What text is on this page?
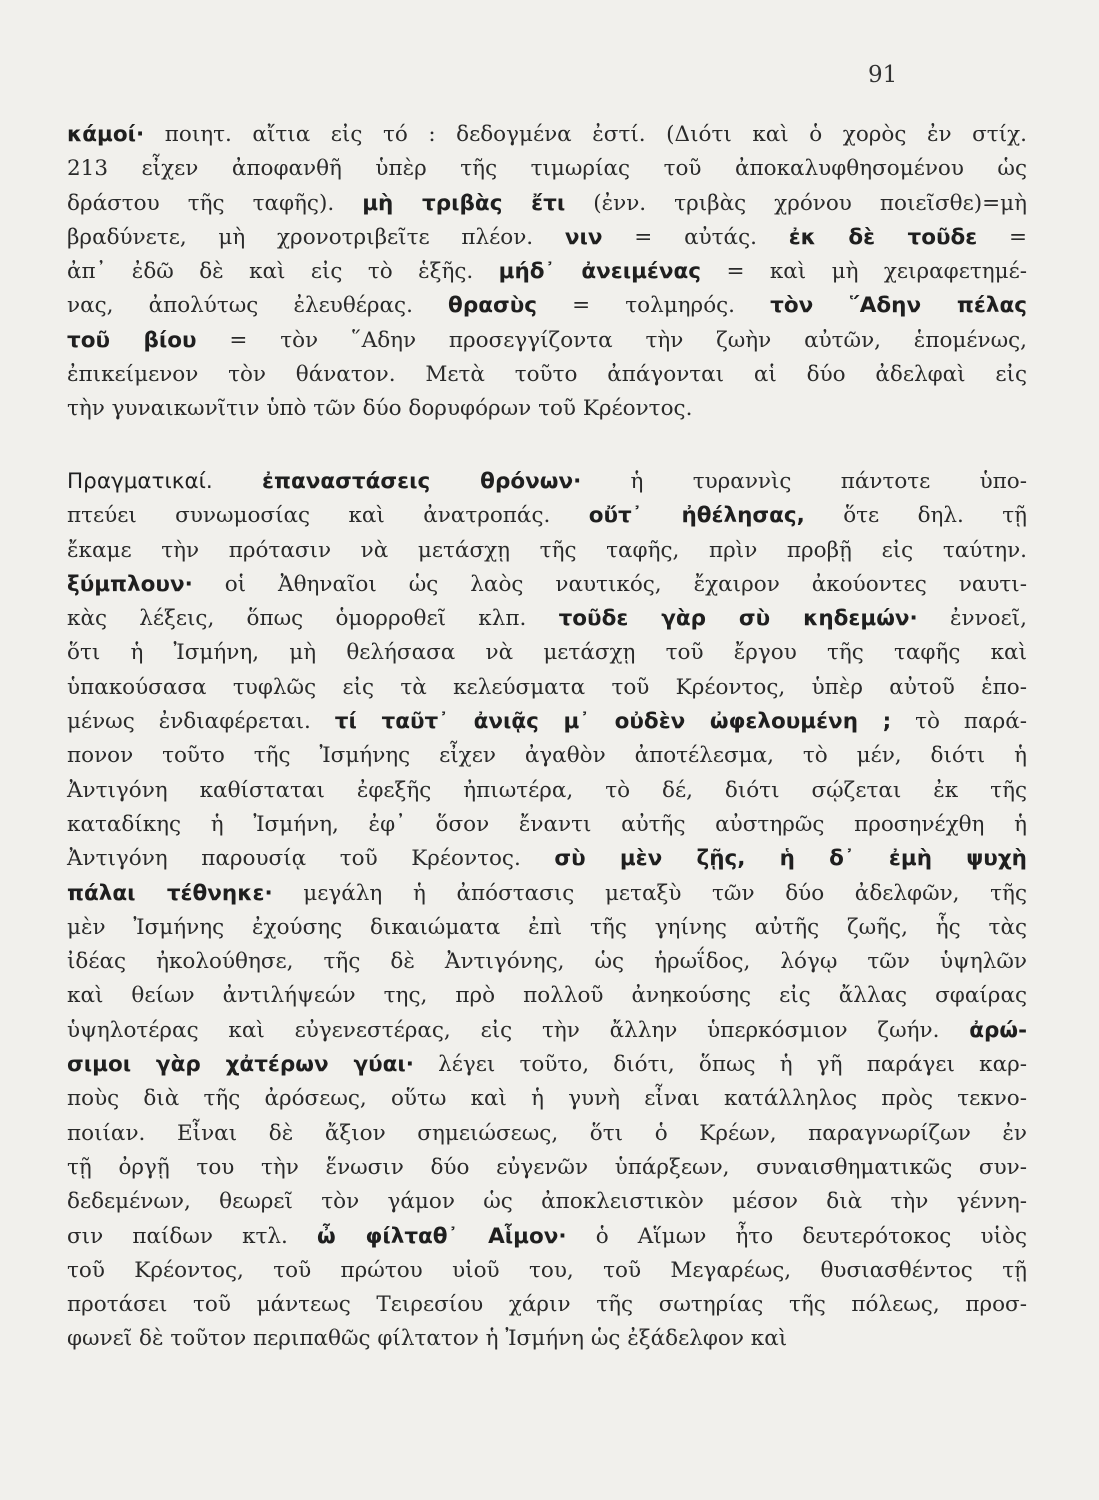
91
κάμοί· ποιητ. αἴτια εἰς τό : δεδογμένα ἐστί. (Διότι καὶ ὁ χορὸς ἐν στίχ.
213 εἶχεν ἀποφανθῆ ὑπὲρ τῆς τιμωρίας τοῦ ἀποκαλυφθησομένου ὡς
δράστου τῆς ταφῆς). μὴ τριβὰς ἔτι (ἐνν. τριβὰς χρόνου ποιεῖσθε)=μὴ
βραδύνετε, μὴ χρονοτριβεῖτε πλέον. νιν = αὐτάς. ἐκ δὲ τοῦδε =
ἀπ᾽ ἐδῶ δὲ καὶ εἰς τὸ ἑξῆς. μήδ᾽ ἀνειμένας = καὶ μὴ χειραφετημέ-
νας, ἀπολύτως ἐλευθέρας. θρασὺς = τολμηρός. τὸν ῞Αδην πέλας
τοῦ βίου = τὸν ῞Αδην προσεγγίζοντα τὴν ζωὴν αὐτῶν, ἑπομένως,
ἐπικείμενον τὸν θάνατον. Μετὰ τοῦτο ἀπάγονται αἱ δύο ἀδελφαὶ εἰς
τὴν γυναικωνῖτιν ὑπὸ τῶν δύο δορυφόρων τοῦ Κρέοντος.
Πραγματικαί. ἐπαναστάσεις θρόνων· ἡ τυραννὶς πάντοτε ὑπο-
πτεύει συνωμοσίας καὶ ἀνατροπάς. οὔτ᾽ ἠθέλησας, ὅτε δηλ. τῇ
ἔκαμε τὴν πρότασιν νὰ μετάσχῃ τῆς ταφῆς, πρὶν προβῇ εἰς ταύτην.
ξύμπλουν· οἱ Ἀθηναῖοι ὡς λαὸς ναυτικός, ἔχαιρον ἀκούοντες ναυτι-
κὰς λέξεις, ὅπως ὁμορροθεῖ κλπ. τοῦδε γὰρ σὺ κηδεμών· ἐννοεῖ,
ὅτι ἡ Ἰσμήνη, μὴ θελήσασα νὰ μετάσχῃ τοῦ ἔργου τῆς ταφῆς καὶ
ὑπακούσασα τυφλῶς εἰς τὰ κελεύσματα τοῦ Κρέοντος, ὑπὲρ αὐτοῦ ἑπο-
μένως ἐνδιαφέρεται. τί ταῦτ᾽ ἀνιᾷς μ᾽ οὐδὲν ὠφελουμένη ; τὸ παρά-
πονον τοῦτο τῆς Ἰσμήνης εἶχεν ἀγαθὸν ἀποτέλεσμα, τὸ μέν, διότι ἡ
Ἀντιγόνη καθίσταται ἐφεξῆς ἠπιωτέρα, τὸ δέ, διότι σῴζεται ἐκ τῆς
καταδίκης ἡ Ἰσμήνη, ἐφ᾽ ὅσον ἔναντι αὐτῆς αὐστηρῶς προσηνέχθη ἡ
Ἀντιγόνη παρουσίᾳ τοῦ Κρέοντος. σὺ μὲν ζῇς, ἡ δ᾽ ἐμὴ ψυχὴ
πάλαι τέθνηκε· μεγάλη ἡ ἀπόστασις μεταξὺ τῶν δύο ἀδελφῶν, τῆς
μὲν Ἰσμήνης ἐχούσης δικαιώματα ἐπὶ τῆς γηίνης αὐτῆς ζωῆς, ἧς τὰς
ἰδέας ἠκολούθησε, τῆς δὲ Ἀντιγόνης, ὡς ἡρωΐδος, λόγῳ τῶν ὑψηλῶν
καὶ θείων ἀντιλήψεών της, πρὸ πολλοῦ ἀνηκούσης εἰς ἄλλας σφαίρας
ὑψηλοτέρας καὶ εὐγενεστέρας, εἰς τὴν ἄλλην ὑπερκόσμιον ζωήν. ἀρώ-
σιμοι γὰρ χἀτέρων γύαι· λέγει τοῦτο, διότι, ὅπως ἡ γῆ παράγει καρ-
ποὺς διὰ τῆς ἀρόσεως, οὕτω καὶ ἡ γυνὴ εἶναι κατάλληλος πρὸς τεκνο-
ποιίαν. Εἶναι δὲ ἄξιον σημειώσεως, ὅτι ὁ Κρέων, παραγνωρίζων ἐν
τῇ ὀργῇ του τὴν ἕνωσιν δύο εὐγενῶν ὑπάρξεων, συναισθηματικῶς συν-
δεδεμένων, θεωρεῖ τὸν γάμον ὡς ἀποκλειστικὸν μέσον διὰ τὴν γέννη-
σιν παίδων κτλ. ὦ φίλταθ᾽ Αἷμον· ὁ Αἵμων ἦτο δευτερότοκος υἱὸς
τοῦ Κρέοντος, τοῦ πρώτου υἱοῦ του, τοῦ Μεγαρέως, θυσιασθέντος τῇ
προτάσει τοῦ μάντεως Τειρεσίου χάριν τῆς σωτηρίας τῆς πόλεως, προσ-
φωνεῖ δὲ τοῦτον περιπαθῶς φίλτατον ἡ Ἰσμήνη ὡς ἐξάδελφον καὶ
